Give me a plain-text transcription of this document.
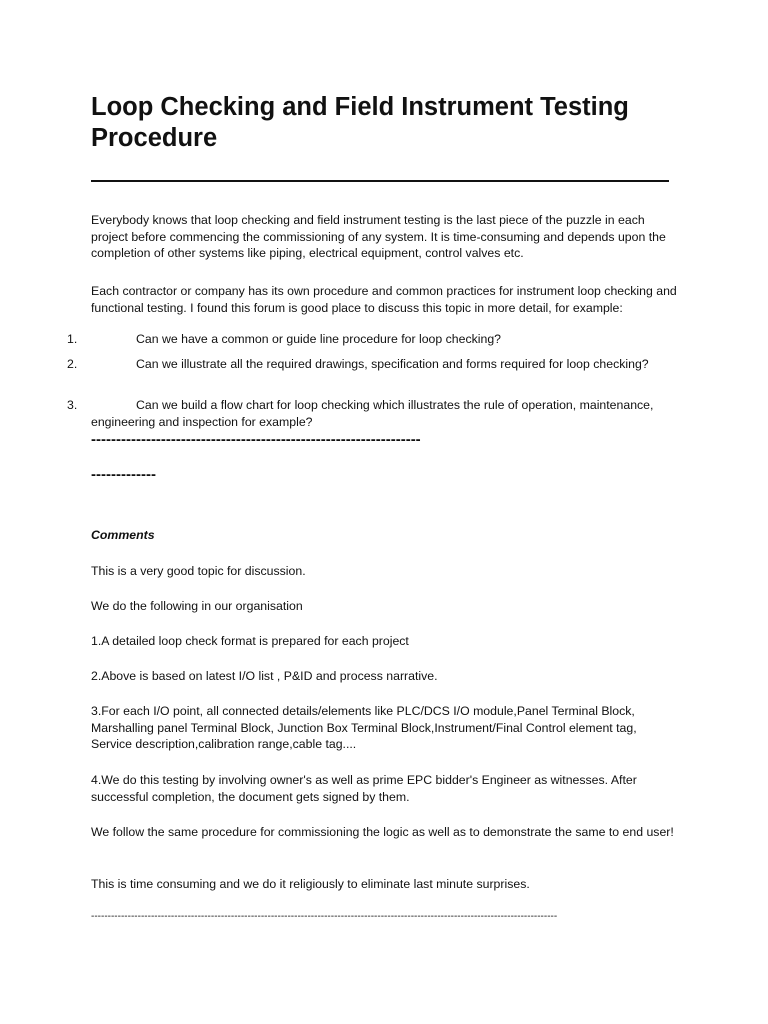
Loop Checking and Field Instrument Testing Procedure
Everybody knows that loop checking and field instrument testing is the last piece of the puzzle in each project before commencing the commissioning of any system. It is time-consuming and depends upon the completion of other systems like piping, electrical equipment, control valves etc.
Each contractor or company has its own procedure and common practices for instrument loop checking and functional testing. I found this forum is good place to discuss this topic in more detail, for example:
1.	Can we have a common or guide line procedure for loop checking?
2.	Can we illustrate all the required drawings, specification and forms required for loop checking?
3.	Can we build a flow chart for loop checking which illustrates the rule of operation, maintenance, engineering and inspection for example?
------------------------------------------------------------------
-------------
Comments
This is a very good topic for discussion.
We do the following in our organisation
1.A detailed loop check format is prepared for each project
2.Above is based on latest I/O list , P&ID and process narrative.
3.For each I/O point, all connected details/elements like PLC/DCS I/O module,Panel Terminal Block, Marshalling panel Terminal Block, Junction Box Terminal Block,Instrument/Final Control element tag, Service description,calibration range,cable tag....
4.We do this testing by involving owner's as well as prime EPC bidder's Engineer as witnesses. After successful completion, the document gets signed by them.
We follow the same procedure for commissioning the logic as well as to demonstrate the same to end user!
This is time consuming and we do it religiously to eliminate last minute surprises.
--------------------------------------------------------------------------------------------------------------------------------------------
